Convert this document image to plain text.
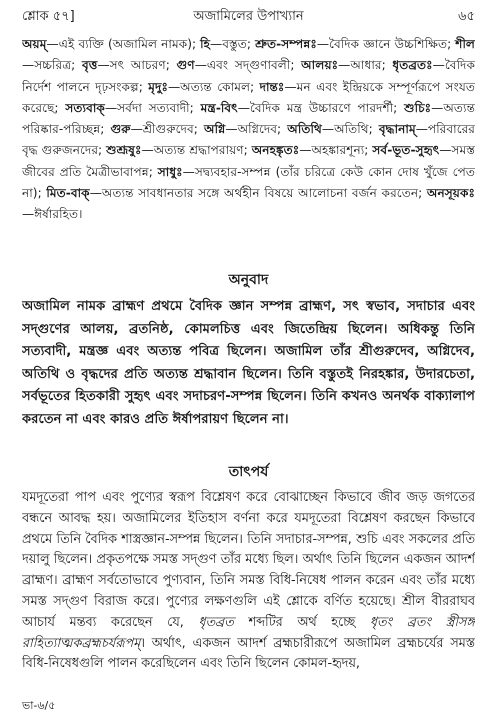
শ্লোক ৫৭]	অজামিলের উপাখ্যান	৬৫
অয়ম্—এই ব্যক্তি (অজামিল নামক); হি—বস্তুত; শ্রুত-সম্পন্নঃ—বৈদিক জ্ঞানে উচ্চশিক্ষিত; শীল—সচ্চরিত্র; বৃত্ত—সৎ আচরণ; গুণ—এবং সদ্‌গুণাবলী; আলয়ঃ—আধার; ধৃতব্রতঃ—বৈদিক নির্দেশ পালনে দৃঢ়সংকল্প; মৃদুঃ—অত্যন্ত কোমল; দান্তঃ—মন এবং ইন্দ্রিয়কে সম্পূর্ণরূপে সংযত করেছে; সত্যবাক্—সর্বদা সত্যবাদী; মন্ত্র-বিৎ—বৈদিক মন্ত্র উচ্চারণে পারদর্শী; শুচিঃ—অত্যন্ত পরিষ্কার-পরিচ্ছন্ন; গুরু—শ্রীগুরুদেব; অগ্নি—অগ্নিদেব; অতিথি—অতিথি; বৃদ্ধানাম্—পরিবারের বৃদ্ধ গুরুজনদের; শুশ্রূষুঃ—অত্যন্ত শ্রদ্ধাপরায়ণ; অনহঙ্কৃতঃ—অহঙ্কারশূন্য; সর্ব-ভূত-সুহৃৎ—সমস্ত জীবের প্রতি মৈত্রীভাবাপন্ন; সাধুঃ—সদ্ব্যবহার-সম্পন্ন (তাঁর চরিত্রে কেউ কোন দোষ খুঁজে পেত না); মিত-বাক্—অত্যন্ত সাবধানতার সঙ্গে অর্থহীন বিষয়ে আলোচনা বর্জন করতেন; অনসূয়কঃ—ঈর্ষারহিত।
অনুবাদ
অজামিল নামক ব্রাহ্মণ প্রথমে বৈদিক জ্ঞান সম্পন্ন ব্রাহ্মণ, সৎ স্বভাব, সদাচার এবং সদ্‌গুণের আলয়, ব্রতনিষ্ঠ, কোমলচিত্ত এবং জিতেন্দ্রিয় ছিলেন। অধিকন্তু তিনি সত্যবাদী, মন্ত্রজ্ঞ এবং অত্যন্ত পবিত্র ছিলেন। অজামিল তাঁর শ্রীগুরুদেব, অগ্নিদেব, অতিথি ও বৃদ্ধদের প্রতি অত্যন্ত শ্রদ্ধাবান ছিলেন। তিনি বস্তুতই নিরহঙ্কার, উদারচেতা, সর্বভূতের হিতকারী সুহৃৎ এবং সদাচরণ-সম্পন্ন ছিলেন। তিনি কখনও অনর্থক বাক্যালাপ করতেন না এবং কারও প্রতি ঈর্ষাপরায়ণ ছিলেন না।
তাৎপর্য
যমদূতেরা পাপ এবং পুণ্যের স্বরূপ বিশ্লেষণ করে বোঝাচ্ছেন কিভাবে জীব জড় জগতের বন্ধনে আবদ্ধ হয়। অজামিলের ইতিহাস বর্ণনা করে যমদূতেরা বিশ্লেষণ করছেন কিভাবে প্রথমে তিনি বৈদিক শাস্ত্রজ্ঞান-সম্পন্ন ছিলেন। তিনি সদাচার-সম্পন্ন, শুচি এবং সকলের প্রতি দয়ালু ছিলেন। প্রকৃতপক্ষে সমস্ত সদ্‌গুণ তাঁর মধ্যে ছিল। অর্থাৎ তিনি ছিলেন একজন আদর্শ ব্রাহ্মণ। ব্রাহ্মণ সর্বতোভাবে পুণ্যবান, তিনি সমস্ত বিধি-নিষেধ পালন করেন এবং তাঁর মধ্যে সমস্ত সদ্‌গুণ বিরাজ করে। পুণ্যের লক্ষণগুলি এই শ্লোকে বর্ণিত হয়েছে। শ্রীল বীররাঘব আচার্য মন্তব্য করেছেন যে, ধৃতব্রত শব্দটির অর্থ হচ্ছে ধৃতং ব্রতং স্ত্রীসঙ্গ রাহিত্যাত্মকব্রহ্মচর্যরূপম্। অর্থাৎ, একজন আদর্শ ব্রহ্মচারীরূপে অজামিল ব্রহ্মচর্যের সমস্ত বিধি-নিষেধগুলি পালন করেছিলেন এবং তিনি ছিলেন কোমল-হৃদয়,
ভা-৬/৫
